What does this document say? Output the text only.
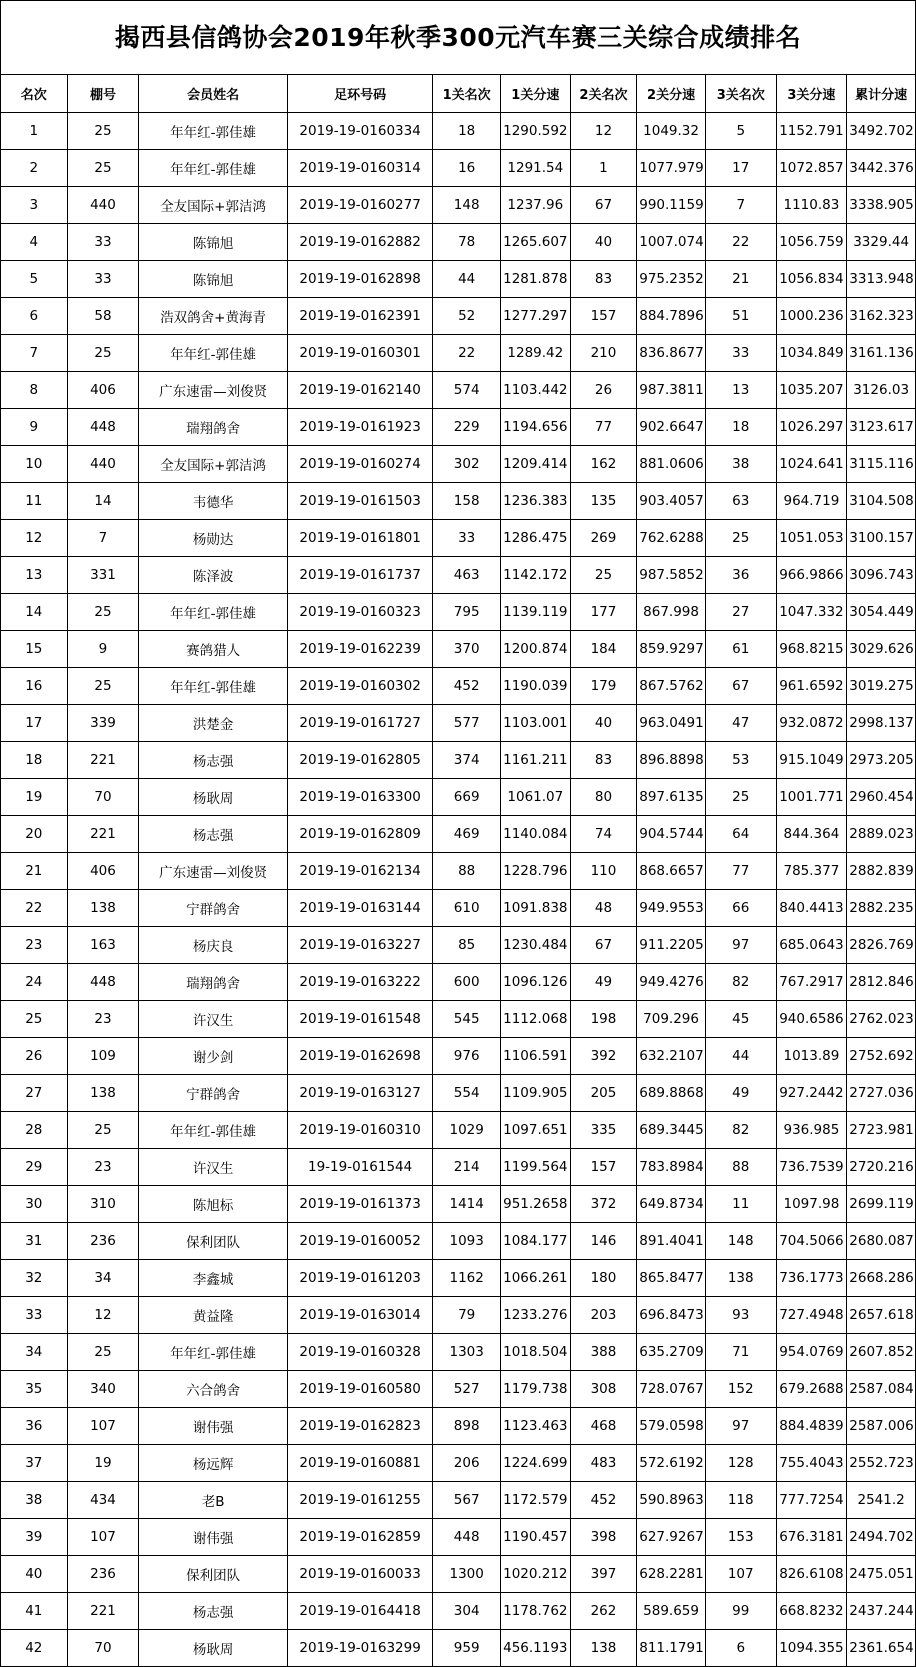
揭西县信鸽协会2019年秋季300元汽车赛三关综合成绩排名
名次	棚号	会员姓名	足环号码	1关名次	1关分速	2关名次	2关分速	3关名次	3关分速	累计分速
1	25	年年红-郭佳雄	2019-19-0160334	18	1290.592	12	1049.32	5	1152.791	3492.702
2	25	年年红-郭佳雄	2019-19-0160314	16	1291.54	1	1077.979	17	1072.857	3442.376
3	440	全友国际+郭洁鸿	2019-19-0160277	148	1237.96	67	990.1159	7	1110.83	3338.905
4	33	陈锦旭	2019-19-0162882	78	1265.607	40	1007.074	22	1056.759	3329.44
5	33	陈锦旭	2019-19-0162898	44	1281.878	83	975.2352	21	1056.834	3313.948
6	58	浩双鸽舍+黄海青	2019-19-0162391	52	1277.297	157	884.7896	51	1000.236	3162.323
7	25	年年红-郭佳雄	2019-19-0160301	22	1289.42	210	836.8677	33	1034.849	3161.136
8	406	广东速雷—刘俊贤	2019-19-0162140	574	1103.442	26	987.3811	13	1035.207	3126.03
9	448	瑞翔鸽舍	2019-19-0161923	229	1194.656	77	902.6647	18	1026.297	3123.617
10	440	全友国际+郭洁鸿	2019-19-0160274	302	1209.414	162	881.0606	38	1024.641	3115.116
11	14	韦德华	2019-19-0161503	158	1236.383	135	903.4057	63	964.719	3104.508
12	7	杨勋达	2019-19-0161801	33	1286.475	269	762.6288	25	1051.053	3100.157
13	331	陈泽波	2019-19-0161737	463	1142.172	25	987.5852	36	966.9866	3096.743
14	25	年年红-郭佳雄	2019-19-0160323	795	1139.119	177	867.998	27	1047.332	3054.449
15	9	赛鸽猎人	2019-19-0162239	370	1200.874	184	859.9297	61	968.8215	3029.626
16	25	年年红-郭佳雄	2019-19-0160302	452	1190.039	179	867.5762	67	961.6592	3019.275
17	339	洪楚金	2019-19-0161727	577	1103.001	40	963.0491	47	932.0872	2998.137
18	221	杨志强	2019-19-0162805	374	1161.211	83	896.8898	53	915.1049	2973.205
19	70	杨耿周	2019-19-0163300	669	1061.07	80	897.6135	25	1001.771	2960.454
20	221	杨志强	2019-19-0162809	469	1140.084	74	904.5744	64	844.364	2889.023
21	406	广东速雷—刘俊贤	2019-19-0162134	88	1228.796	110	868.6657	77	785.377	2882.839
22	138	宁群鸽舍	2019-19-0163144	610	1091.838	48	949.9553	66	840.4413	2882.235
23	163	杨庆良	2019-19-0163227	85	1230.484	67	911.2205	97	685.0643	2826.769
24	448	瑞翔鸽舍	2019-19-0163222	600	1096.126	49	949.4276	82	767.2917	2812.846
25	23	许汉生	2019-19-0161548	545	1112.068	198	709.296	45	940.6586	2762.023
26	109	谢少剑	2019-19-0162698	976	1106.591	392	632.2107	44	1013.89	2752.692
27	138	宁群鸽舍	2019-19-0163127	554	1109.905	205	689.8868	49	927.2442	2727.036
28	25	年年红-郭佳雄	2019-19-0160310	1029	1097.651	335	689.3445	82	936.985	2723.981
29	23	许汉生	19-19-0161544	214	1199.564	157	783.8984	88	736.7539	2720.216
30	310	陈旭标	2019-19-0161373	1414	951.2658	372	649.8734	11	1097.98	2699.119
31	236	保利团队	2019-19-0160052	1093	1084.177	146	891.4041	148	704.5066	2680.087
32	34	李鑫城	2019-19-0161203	1162	1066.261	180	865.8477	138	736.1773	2668.286
33	12	黄益隆	2019-19-0163014	79	1233.276	203	696.8473	93	727.4948	2657.618
34	25	年年红-郭佳雄	2019-19-0160328	1303	1018.504	388	635.2709	71	954.0769	2607.852
35	340	六合鸽舍	2019-19-0160580	527	1179.738	308	728.0767	152	679.2688	2587.084
36	107	谢伟强	2019-19-0162823	898	1123.463	468	579.0598	97	884.4839	2587.006
37	19	杨远辉	2019-19-0160881	206	1224.699	483	572.6192	128	755.4043	2552.723
38	434	老B	2019-19-0161255	567	1172.579	452	590.8963	118	777.7254	2541.2
39	107	谢伟强	2019-19-0162859	448	1190.457	398	627.9267	153	676.3181	2494.702
40	236	保利团队	2019-19-0160033	1300	1020.212	397	628.2281	107	826.6108	2475.051
41	221	杨志强	2019-19-0164418	304	1178.762	262	589.659	99	668.8232	2437.244
42	70	杨耿周	2019-19-0163299	959	456.1193	138	811.1791	6	1094.355	2361.654
